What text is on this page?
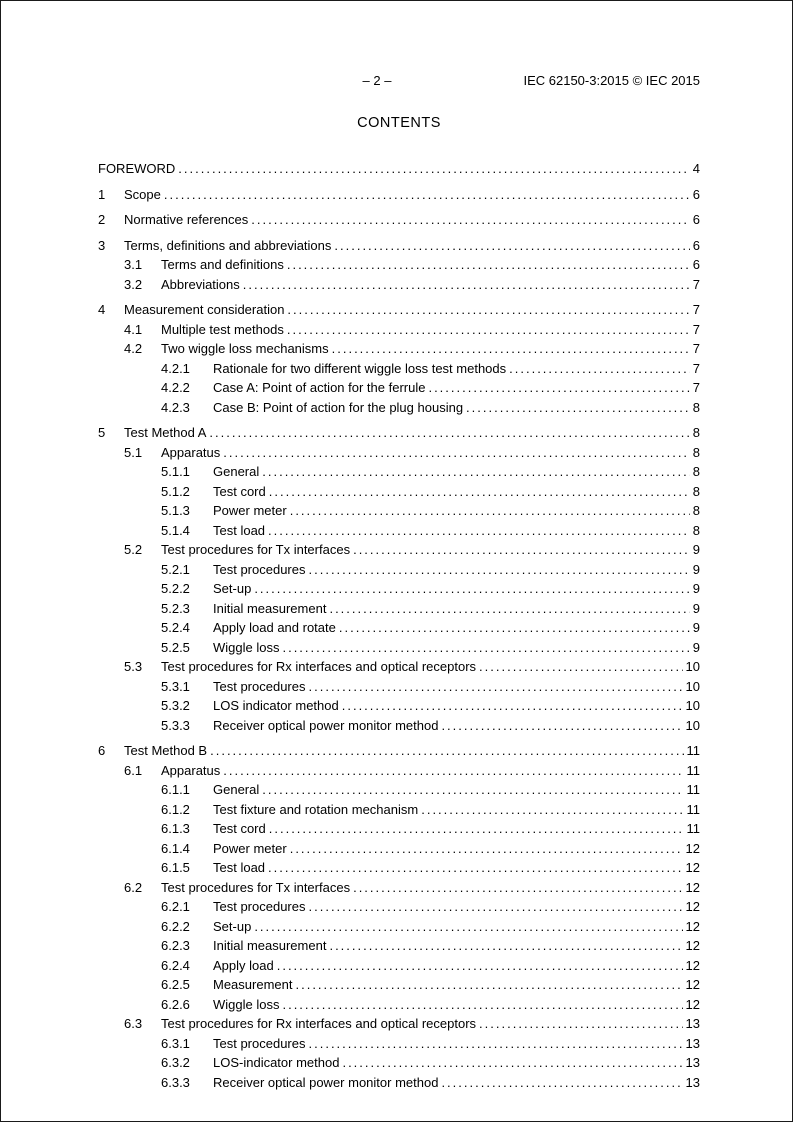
– 2 –	IEC 62150-3:2015 © IEC 2015
CONTENTS
FOREWORD .....	4
1	Scope .....	6
2	Normative references .....	6
3	Terms, definitions and abbreviations .....	6
3.1	Terms and definitions .....	6
3.2	Abbreviations .....	7
4	Measurement consideration .....	7
4.1	Multiple test methods .....	7
4.2	Two wiggle loss mechanisms .....	7
4.2.1	Rationale for two different wiggle loss test methods .....	7
4.2.2	Case A: Point of action for the ferrule .....	7
4.2.3	Case B: Point of action for the plug housing .....	8
5	Test Method A .....	8
5.1	Apparatus .....	8
5.1.1	General .....	8
5.1.2	Test cord .....	8
5.1.3	Power meter .....	8
5.1.4	Test load .....	8
5.2	Test procedures for Tx interfaces .....	9
5.2.1	Test procedures .....	9
5.2.2	Set-up .....	9
5.2.3	Initial measurement .....	9
5.2.4	Apply load and rotate .....	9
5.2.5	Wiggle loss .....	9
5.3	Test procedures for Rx interfaces and optical receptors .....	10
5.3.1	Test procedures .....	10
5.3.2	LOS indicator method .....	10
5.3.3	Receiver optical power monitor method .....	10
6	Test Method B .....	11
6.1	Apparatus .....	11
6.1.1	General .....	11
6.1.2	Test fixture and rotation mechanism .....	11
6.1.3	Test cord .....	11
6.1.4	Power meter .....	12
6.1.5	Test load .....	12
6.2	Test procedures for Tx interfaces .....	12
6.2.1	Test procedures .....	12
6.2.2	Set-up .....	12
6.2.3	Initial measurement .....	12
6.2.4	Apply load .....	12
6.2.5	Measurement .....	12
6.2.6	Wiggle loss .....	12
6.3	Test procedures for Rx interfaces and optical receptors .....	13
6.3.1	Test procedures .....	13
6.3.2	LOS-indicator method .....	13
6.3.3	Receiver optical power monitor method .....	13
